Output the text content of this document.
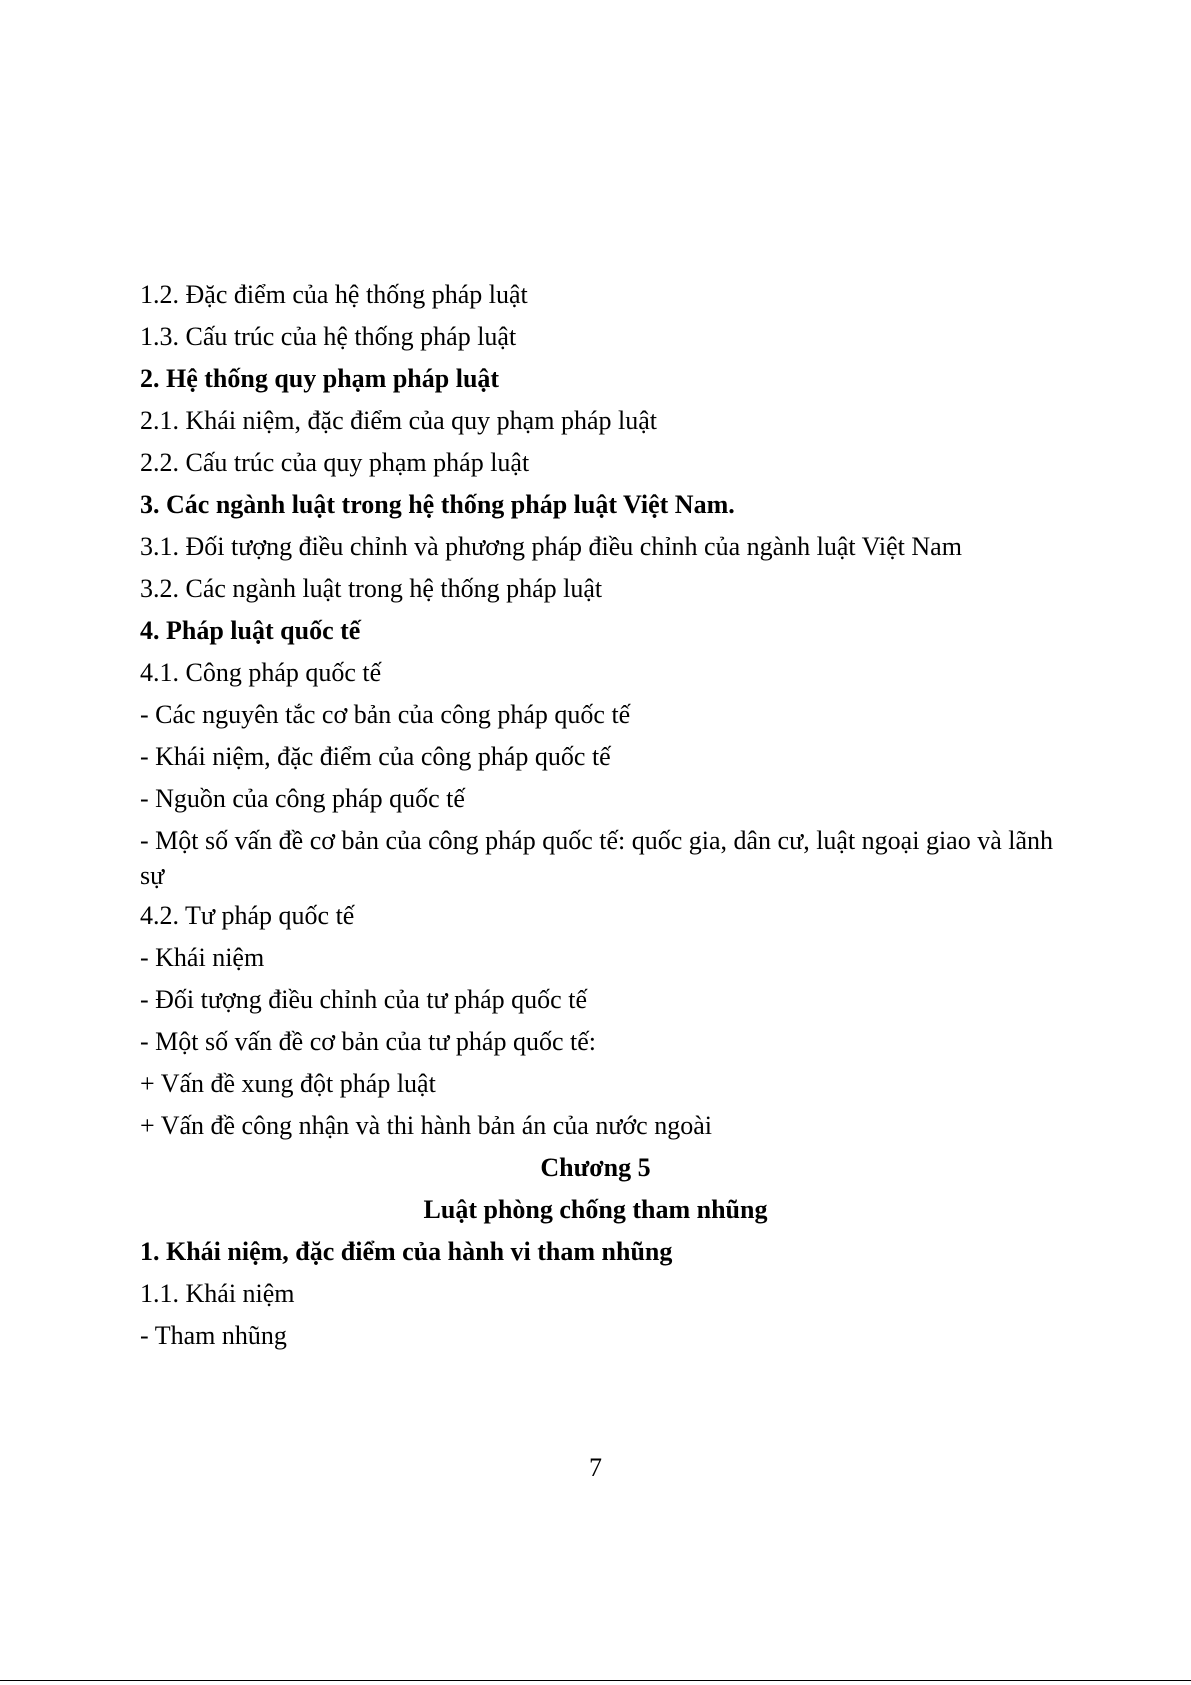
1.2. Đặc điểm của hệ thống pháp luật
1.3. Cấu trúc của hệ thống pháp luật
2. Hệ thống quy phạm pháp luật
2.1. Khái niệm, đặc điểm của quy phạm pháp luật
2.2. Cấu trúc của quy phạm pháp luật
3. Các ngành luật trong hệ thống pháp luật Việt Nam.
3.1. Đối tượng điều chỉnh và phương pháp điều chỉnh của ngành luật Việt Nam
3.2. Các ngành luật trong hệ thống pháp luật
4. Pháp luật quốc tế
4.1. Công pháp quốc tế
- Các nguyên tắc cơ bản của công pháp quốc tế
- Khái niệm, đặc điểm của công pháp quốc tế
- Nguồn của công pháp quốc tế
- Một số vấn đề cơ bản của công pháp quốc tế: quốc gia, dân cư, luật ngoại giao và lãnh sự
4.2. Tư pháp quốc tế
- Khái niệm
- Đối tượng điều chỉnh của tư pháp quốc tế
- Một số vấn đề cơ bản của tư pháp quốc tế:
+ Vấn đề xung đột pháp luật
+ Vấn đề công nhận và thi hành bản án của nước ngoài
Chương 5
Luật phòng chống tham nhũng
1. Khái niệm, đặc điểm của hành vi tham nhũng
1.1. Khái niệm
- Tham nhũng
7
